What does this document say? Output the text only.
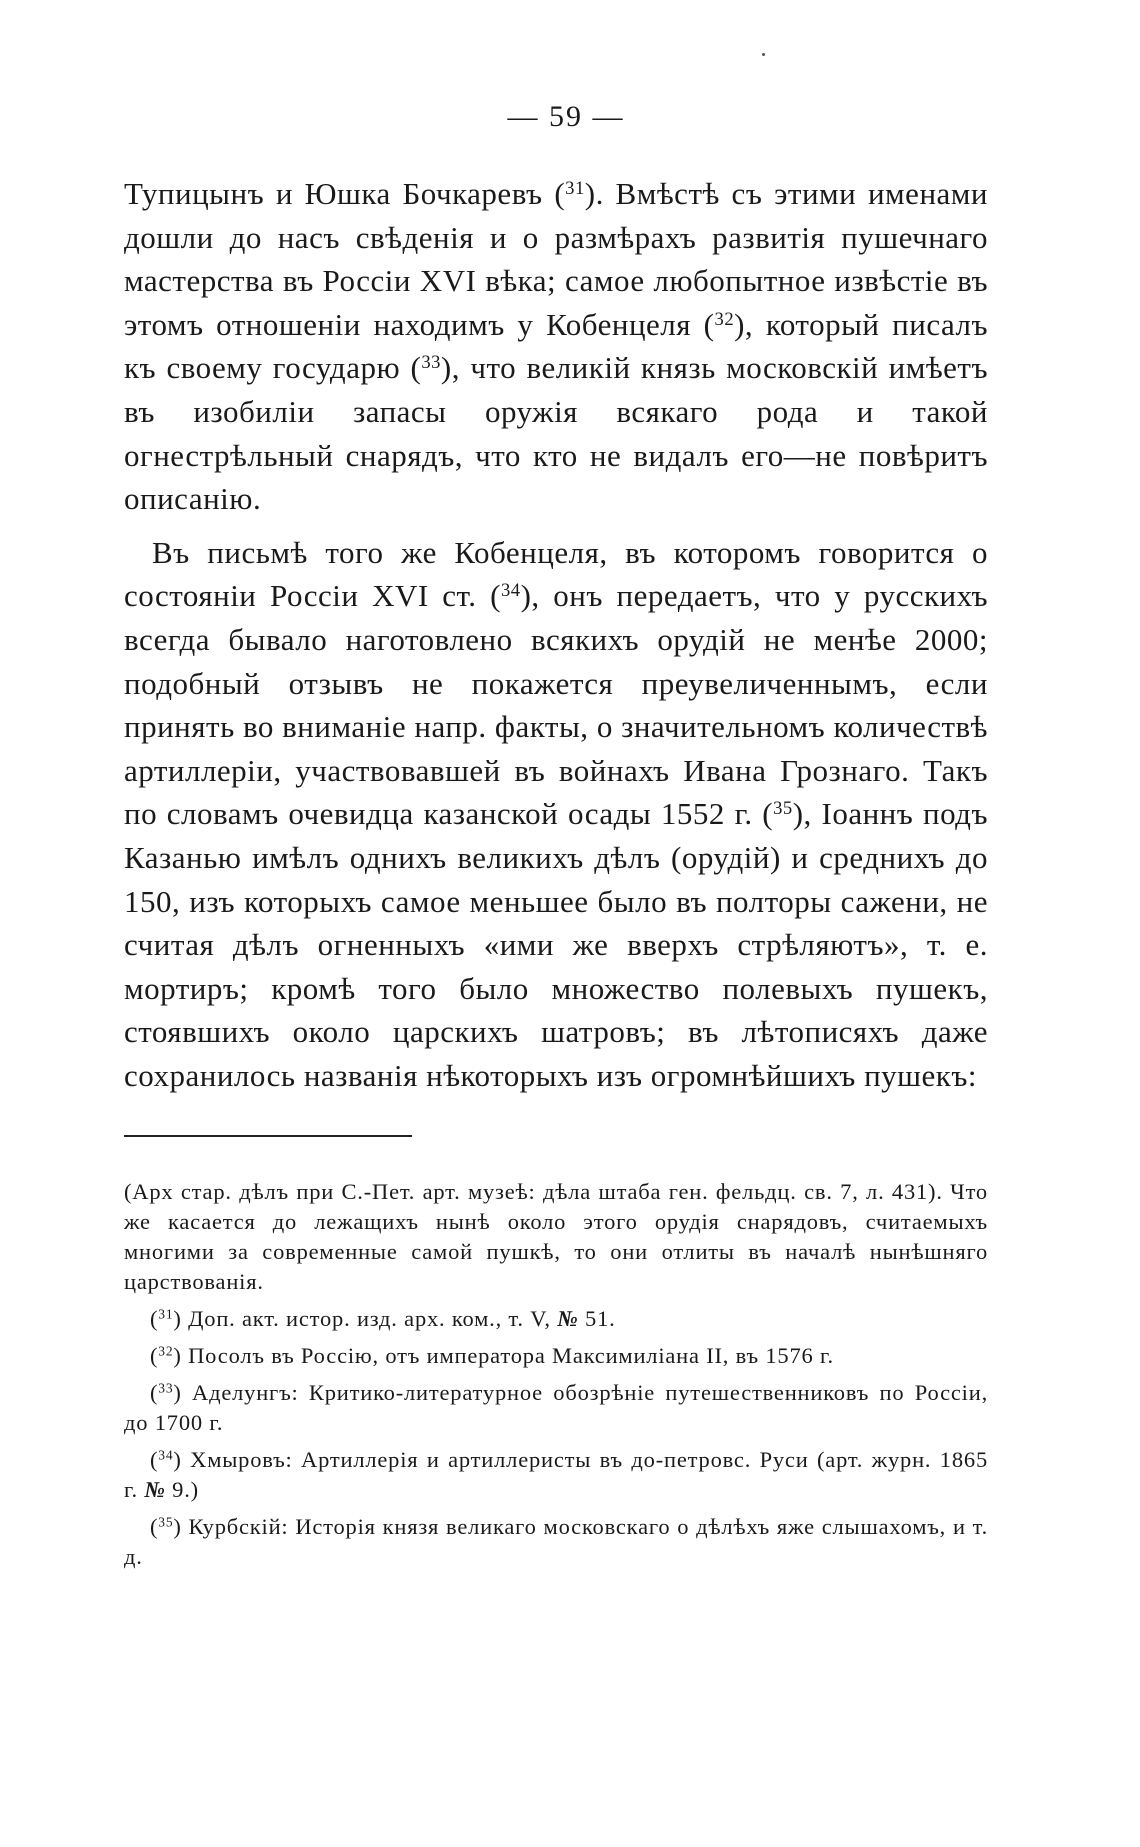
— 59 —

Тупицынъ и Юшка Бочкаревъ ($^{31}$). Вмѣстѣ съ этими именами дошли до насъ свѣденія и о размѣрахъ развитія пушечнаго мастерства въ Россіи XVI вѣка; самое любопытное извѣстіе въ этомъ отношеніи находимъ у Кобенцеля ($^{32}$), который писалъ къ своему государю ($^{33}$), что великій князь московскій имѣетъ въ изобиліи запасы оружія всякаго рода и такой огнестрѣльный снарядъ, что кто не видалъ его—не повѣритъ описанію.

Въ письмѣ того же Кобенцеля, въ которомъ говорится о состояніи Россіи XVI ст. ($^{34}$), онъ передаетъ, что у русскихъ всегда бывало наготовлено всякихъ орудій не менѣе 2000; подобный отзывъ не покажется преувеличеннымъ, если принять во вниманіе напр. факты, о значительномъ количествѣ артиллеріи, участвовавшей въ войнахъ Ивана Грознаго. Такъ по словамъ очевидца казанской осады 1552 г. ($^{35}$), Іоаннъ подъ Казанью имѣлъ однихъ великихъ дѣлъ (орудій) и среднихъ до 150, изъ которыхъ самое меньшее было въ полторы сажени, не считая дѣлъ огненныхъ «ими же вверхъ стрѣляютъ», т. е. мортиръ; кромѣ того было множество полевыхъ пушекъ, стоявшихъ около царскихъ шатровъ; въ лѣтописяхъ даже сохранилось названія нѣкоторыхъ изъ огромнѣйшихъ пушекъ:

(Арх стар. дѣлъ при С.-Пет. арт. музеѣ: дѣла штаба ген. фельдц. св. 7, л. 431). Что же касается до лежащихъ нынѣ около этого орудія снарядовъ, считаемыхъ многими за современные самой пушкѣ, то они отлиты въ началѣ нынѣшняго царствованія.

($^{31}$) Доп. акт. истор. изд. арх. ком., т. V, № 51.

($^{32}$) Посолъ въ Россію, отъ императора Максимиліана II, въ 1576 г.

($^{33}$) Аделунгъ: Критико-литературное обозрѣніе путешественниковъ по Россіи, до 1700 г.

($^{34}$) Хмыровъ: Артиллерія и артиллеристы въ до-петровс. Руси (арт. журн. 1865 г. № 9.)

($^{35}$) Курбскій: Исторія князя великаго московскаго о дѣлѣхъ яже слышахомъ, и т. д.
